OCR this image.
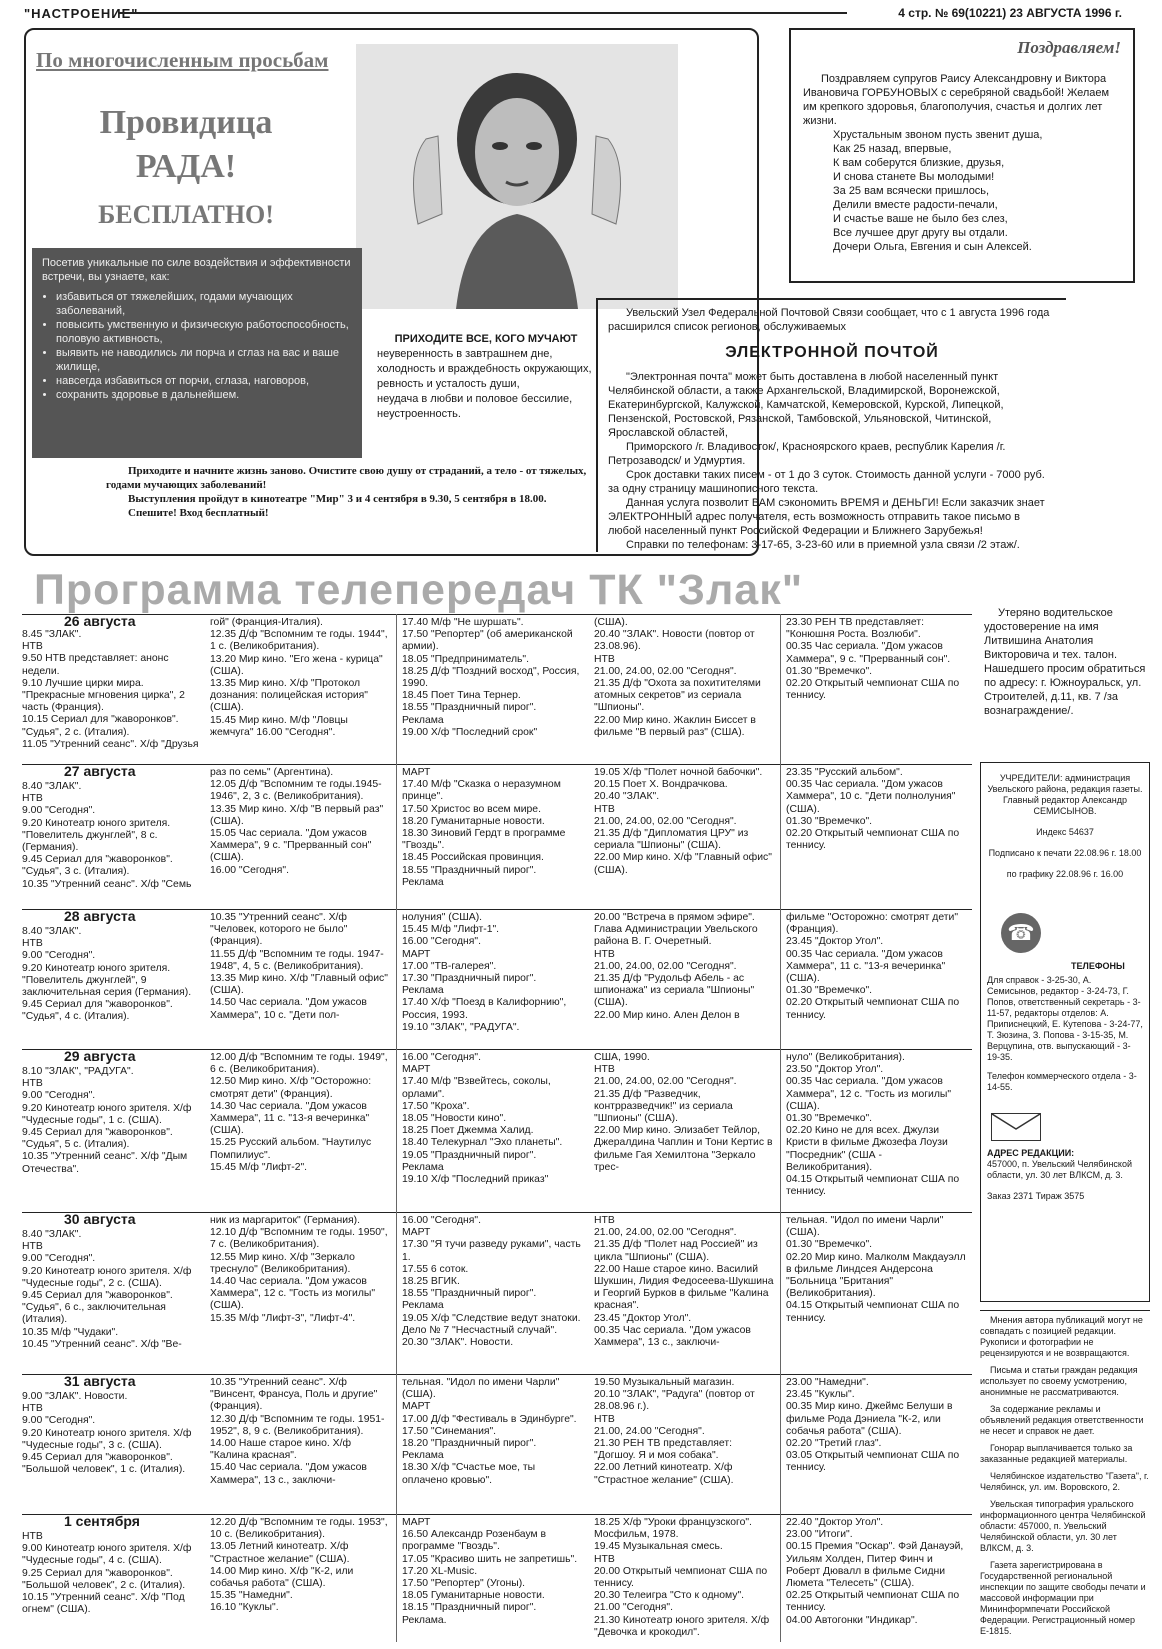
"НАСТРОЕНИЕ"	4 стр. № 69(10221) 23 АВГУСТА 1996 г.
По многочисленным просьбам
Провидица
РАДА!
БЕСПЛАТНО!
Посетив уникальные по силе воздействия и эффективности встречи, вы узнаете, как:
• избавиться от тяжелейших, годами мучающих заболеваний,
• повысить умственную и физическую работоспособность, половую активность,
• выявить не наводились ли порча и сглаз на вас и ваше жилище,
• навсегда избавиться от порчи, сглаза, наговоров,
• сохранить здоровье в дальнейшем.
ПРИХОДИТЕ ВСЕ, КОГО МУЧАЮТ
неуверенность в завтрашнем дне,
холодность и враждебность окружающих,
ревность и усталость души,
неудача в любви и половое бессилие,
неустроенность.
Приходите и начните жизнь заново. Очистите свою душу от страданий, а тело - от тяжелых, годами мучающих заболеваний!
Выступления пройдут в кинотеатре "Мир" 3 и 4 сентября в 9.30, 5 сентября в 18.00.
Спешите! Вход бесплатный!
Поздравляем!
Поздравляем супругов Раису Александровну и Виктора Ивановича ГОРБУНОВЫХ с серебряной свадьбой! Желаем им крепкого здоровья, благополучия, счастья и долгих лет жизни.
Хрустальным звоном пусть звенит душа,
Как 25 назад, впервые,
К вам соберутся близкие, друзья,
И снова станете Вы молодыми!
За 25 вам всячески пришлось,
Делили вместе радости-печали,
И счастье ваше не было без слез,
Все лучшее друг другу вы отдали.
Дочери Ольга, Евгения и сын Алексей.

Увельский Узел Федеральной Почтовой Связи сообщает, что с 1 августа 1996 года расширился список регионов, обслуживаемых

ЭЛЕКТРОННОЙ ПОЧТОЙ

"Электронная почта" может быть доставлена в любой населенный пункт Челябинской области, а также Архангельской, Владимирской, Воронежской, Екатеринбургской, Калужской, Камчатской, Кемеровской, Курской, Липецкой, Пензенской, Ростовской, Рязанской, Тамбовской, Ульяновской, Читинской, Ярославской областей,

Приморского /г. Владивосток/, Красноярского краев, республик Карелия /г. Петрозаводск/ и Удмуртия.

Срок доставки таких писем - от 1 до 3 суток. Стоимость данной услуги - 7000 руб. за одну страницу машинописного текста.

Данная услуга позволит ВАМ сэкономить ВРЕМЯ и ДЕНЬГИ! Если заказчик знает ЭЛЕКТРОННЫЙ адрес получателя, есть возможность отправить такое письмо в любой населенный пункт Российской Федерации и Ближнего Зарубежья!

Справки по телефонам: 3-17-65, 3-23-60 или в приемной узла связи /2 этаж/.

Программа телепередач ТК "Злак"
26 августа
8.45 "ЗЛАК".
НТВ
9.50 НТВ представляет: анонс недели.
9.10 Лучшие цирки мира. "Прекрасные мгновения цирка", 2 часть (Франция).
10.15 Сериал для "жаворонков". "Судья", 2 с. (Италия).
11.05 "Утренний сеанс". Х/ф "Друзья
гой" (Франция-Италия).
12.35 Д/ф "Вспомним те годы. 1944", 1 с. (Великобритания).
13.20 Мир кино. "Его жена - курица" (США).
13.35 Мир кино. Х/ф "Протокол дознания: полицейская история" (США).
15.45 Мир кино. М/ф "Ловцы жемчуга" 16.00 "Сегодня".
17.40 М/ф "Не шуршать".
17.50 "Репортер" (об американской армии).
18.05 "Предприниматель".
18.25 Д/ф "Поздний восход", Россия, 1990.
18.45 Поет Тина Тернер.
18.55 "Праздничный пирог".
Реклама
19.00 Х/ф "Последний срок"
(США).
20.40 "ЗЛАК". Новости (повтор от 23.08.96).
НТВ
21.00, 24.00, 02.00 "Сегодня".
21.35 Д/ф "Охота за похитителями атомных секретов" из сериала "Шпионы".
22.00 Мир кино. Жаклин Биссет в фильме "В первый раз" (США).
23.30 РЕН ТВ представляет: "Конюшня Роста. Возлюби".
00.35 Час сериала. "Дом ужасов Хаммера", 9 с. "Прерванный сон".
01.30 "Времечко".
02.20 Открытый чемпионат США по теннису.
27 августа
8.40 "ЗЛАК".
НТВ
9.00 "Сегодня".
9.20 Кинотеатр юного зрителя. "Повелитель джунглей", 8 с. (Германия).
9.45 Сериал для "жаворонков". "Судья", 3 с. (Италия).
10.35 "Утренний сеанс". Х/ф "Семь
раз по семь" (Аргентина).
12.05 Д/ф "Вспомним те годы.1945-1946", 2, 3 с. (Великобритания).
13.35 Мир кино. Х/ф "В первый раз" (США).
15.05 Час сериала. "Дом ужасов Хаммера", 9 с. "Прерванный сон" (США).
16.00 "Сегодня".
МАРТ
17.40 М/ф "Сказка о неразумном принце".
17.50 Христос во всем мире.
18.20 Гуманитарные новости.
18.30 Зиновий Гердт в программе "Гвоздь".
18.45 Российская провинция.
18.55 "Праздничный пирог".
Реклама
19.05 Х/ф "Полет ночной бабочки".
20.15 Поет Х. Вондрачкова.
20.40 "ЗЛАК".
НТВ
21.00, 24.00, 02.00 "Сегодня".
21.35 Д/ф "Дипломатия ЦРУ" из сериала "Шпионы" (США).
22.00 Мир кино. Х/ф "Главный офис" (США).
23.35 "Русский альбом".
00.35 Час сериала. "Дом ужасов Хаммера", 10 с. "Дети полнолуния" (США).
01.30 "Времечко".
02.20 Открытый чемпионат США по теннису.
28 августа
8.40 "ЗЛАК".
НТВ
9.00 "Сегодня".
9.20 Кинотеатр юного зрителя. "Повелитель джунглей", 9 заключительная серия (Германия).
9.45 Сериал для "жаворонков". "Судья", 4 с. (Италия).
10.35 "Утренний сеанс". Х/ф "Человек, которого не было" (Франция).
11.55 Д/ф "Вспомним те годы. 1947-1948", 4, 5 с. (Великобритания).
13.35 Мир кино. Х/ф "Главный офис" (США).
14.50 Час сериала. "Дом ужасов Хаммера", 10 с. "Дети пол-
нолуния" (США).
15.45 М/ф "Лифт-1".
16.00 "Сегодня".
МАРТ
17.00 "ТВ-галерея".
17.30 "Праздничный пирог".
Реклама
17.40 Х/ф "Поезд в Калифорнию", Россия, 1993.
19.10 "ЗЛАК", "РАДУГА".
20.00 "Встреча в прямом эфире". Глава Администрации Увельского района В. Г. Очеретный.
НТВ
21.00, 24.00, 02.00 "Сегодня".
21.35 Д/ф "Рудольф Абель - ас шпионажа" из сериала "Шпионы" (США).
22.00 Мир кино. Ален Делон в
фильме "Осторожно: смотрят дети" (Франция).
23.45 "Доктор Угол".
00.35 Час сериала. "Дом ужасов Хаммера", 11 с. "13-я вечеринка" (США).
01.30 "Времечко".
02.20 Открытый чемпионат США по теннису.
29 августа
8.10 "ЗЛАК", "РАДУГА".
НТВ
9.00 "Сегодня".
9.20 Кинотеатр юного зрителя. Х/ф "Чудесные годы", 1 с. (США).
9.45 Сериал для "жаворонков". "Судья", 5 с. (Италия).
10.35 "Утренний сеанс". Х/ф "Дым Отечества".
12.00 Д/ф "Вспомним те годы. 1949", 6 с. (Великобритания).
12.50 Мир кино. Х/ф "Осторожно: смотрят дети" (Франция).
14.30 Час сериала. "Дом ужасов Хаммера", 11 с. "13-я вечеринка" (США).
15.25 Русский альбом. "Наутилус Помпилиус".
15.45 М/ф "Лифт-2".
16.00 "Сегодня".
МАРТ
17.40 М/ф "Взвейтесь, соколы, орлами".
17.50 "Кроха".
18.05 "Новости кино".
18.25 Поет Джемма Халид.
18.40 Телекурнал "Эхо планеты".
19.05 "Праздничный пирог".
Реклама
19.10 Х/ф "Последний приказ"
США, 1990.
НТВ
21.00, 24.00, 02.00 "Сегодня".
21.35 Д/ф "Разведчик, контрразведчик!" из сериала "Шпионы" (США).
22.00 Мир кино. Элизабет Тейлор, Джералдина Чаплин и Тони Кертис в фильме Гая Хемилтона "Зеркало трес-
нуло" (Великобритания).
23.50 "Доктор Угол".
00.35 Час сериала. "Дом ужасов Хаммера", 12 с. "Гость из могилы" (США).
01.30 "Времечко".
02.20 Кино не для всех. Джулзи Кристи в фильме Джозефа Лоузи "Посредник" (США - Великобритания).
04.15 Открытый чемпионат США по теннису.
30 августа
8.40 "ЗЛАК".
НТВ
9.00 "Сегодня".
9.20 Кинотеатр юного зрителя. Х/ф "Чудесные годы", 2 с. (США).
9.45 Сериал для "жаворонков". "Судья", 6 с., заключительная (Италия).
10.35 М/ф "Чудаки".
10.45 "Утренний сеанс". Х/ф "Ве-
ник из маргариток" (Германия).
12.10 Д/ф "Вспомним те годы. 1950", 7 с. (Великобритания).
12.55 Мир кино. Х/ф "Зеркало треснуло" (Великобритания).
14.40 Час сериала. "Дом ужасов Хаммера", 12 с. "Гость из могилы" (США).
15.35 М/ф "Лифт-3", "Лифт-4".
16.00 "Сегодня".
МАРТ
17.30 "Я тучи разведу руками", часть 1.
17.55 6 соток.
18.25 ВГИК.
18.55 "Праздничный пирог".
Реклама
19.05 Х/ф "Следствие ведут знатоки. Дело № 7 "Несчастный случай".
20.30 "ЗЛАК". Новости.
НТВ
21.00, 24.00, 02.00 "Сегодня".
21.35 Д/ф "Полет над Россией" из цикла "Шпионы" (США).
22.00 Наше старое кино. Василий Шукшин, Лидия Федосеева-Шукшина и Георгий Бурков в фильме "Калина красная".
23.45 "Доктор Угол".
00.35 Час сериала. "Дом ужасов Хаммера", 13 с., заключи-
тельная. "Идол по имени Чарли" (США).
01.30 "Времечко".
02.20 Мир кино. Малколм Макдауэлл в фильме Линдсея Андерсона "Больница "Британия" (Великобритания).
04.15 Открытый чемпионат США по теннису.
31 августа
9.00 "ЗЛАК". Новости.
НТВ
9.00 "Сегодня".
9.20 Кинотеатр юного зрителя. Х/ф "Чудесные годы", 3 с. (США).
9.45 Сериал для "жаворонков". "Большой человек", 1 с. (Италия).
10.35 "Утренний сеанс". Х/ф "Винсент, Франсуа, Поль и другие" (Франция).
12.30 Д/ф "Вспомним те годы. 1951-1952", 8, 9 с. (Великобритания).
14.00 Наше старое кино. Х/ф "Калина красная".
15.40 Час сериала. "Дом ужасов Хаммера", 13 с., заключи-
тельная. "Идол по имени Чарли" (США).
МАРТ
17.00 Д/ф "Фестиваль в Эдинбурге".
17.50 "Синемания".
18.20 "Праздничный пирог".
Реклама
18.30 Х/ф "Счастье мое, ты оплачено кровью".
19.50 Музыкальный магазин.
20.10 "ЗЛАК", "Радуга" (повтор от 28.08.96 г.).
НТВ
21.00, 24.00 "Сегодня".
21.30 РЕН ТВ представляет: "Догшоу. Я и моя собака".
22.00 Летний кинотеатр. Х/ф "Страстное желание" (США).
23.00 "Намедни".
23.45 "Куклы".
00.35 Мир кино. Джеймс Белуши в фильме Рода Дэниела "К-2, или собачья работа" (США).
02.20 "Третий глаз".
03.05 Открытый чемпионат США по теннису.
1 сентября
НТВ
9.00 Кинотеатр юного зрителя. Х/ф "Чудесные годы", 4 с. (США).
9.25 Сериал для "жаворонков". "Большой человек", 2 с. (Италия).
10.15 "Утренний сеанс". Х/ф "Под огнем" (США).
12.20 Д/ф "Вспомним те годы. 1953", 10 с. (Великобритания).
13.05 Летний кинотеатр. Х/ф "Страстное желание" (США).
14.00 Мир кино. Х/ф "К-2, или собачья работа" (США).
15.35 "Намедни".
16.10 "Куклы".
МАРТ
16.50 Александр Розенбаум в программе "Гвоздь".
17.05 "Красиво шить не запретишь".
17.20 XL-Music.
17.50 "Репортер" (Угоны).
18.05 Гуманитарные новости.
18.15 "Праздничный пирог".
Реклама.
18.25 Х/ф "Уроки французского". Мосфильм, 1978.
19.45 Музыкальная смесь.
НТВ
20.00 Открытый чемпионат США по теннису.
20.30 Телеигра "Сто к одному".
21.00 "Сегодня".
21.30 Кинотеатр юного зрителя. Х/ф "Девочка и крокодил".
22.40 "Доктор Угол".
23.00 "Итоги".
00.15 Премия "Оскар". Фэй Данауэй, Уильям Холден, Питер Финч и Роберт Дювалл в фильме Сидни Люмета "Телесеть" (США).
02.25 Открытый чемпионат США по теннису.
04.00 Автогонки "Индикар".
Утеряно водительское удостоверение на имя Литвишина Анатолия Викторовича и тех. талон. Нашедшего просим обратиться по адресу: г. Южноуральск, ул. Строителей, д.11, кв. 7 /за вознаграждение/.
УЧРЕДИТЕЛИ: администрация Увельского района, редакция газеты. Главный редактор Александр СЕМИСЫНОВ.
Индекс 54637
Подписано к печати 22.08.96 г. 18.00
по графику 22.08.96 г. 16.00
☎
ТЕЛЕФОНЫ
Для справок - 3-25-30, А. Семисынов, редактор - 3-24-73, Г. Попов, ответственный секретарь - 3-11-57, редакторы отделов: А. Приписнецкий, Е. Кутепова - 3-24-77, Т. Зюзина, З. Попова - 3-15-35, М. Верцупина, отв. выпускающий - 3-19-35.
Телефон коммерческого отдела - 3-14-55.
АДРЕС РЕДАКЦИИ:
457000, п. Увельский Челябинской области, ул. 30 лет ВЛКСМ, д. 3.
Заказ 2371 Тираж 3575

Мнения автора публикаций могут не совпадать с позицией редакции. Рукописи и фотографии не рецензируются и не возвращаются.

Письма и статьи граждан редакция использует по своему усмотрению, анонимные не рассматриваются.

За содержание рекламы и объявлений редакция ответственности не несет и справок не дает.

Гонорар выплачивается только за заказанные редакцией материалы.

Челябинское издательство "Газета", г. Челябинск, ул. им. Воровского, 2.

Увельская типография уральского информационного центра Челябинской области: 457000, п. Увельский Челябинской области, ул. 30 лет ВЛКСМ, д. 3.

Газета зарегистрирована в Государственной региональной инспекции по защите свободы печати и массовой информации при Мининформпечати Российской Федерации. Регистрационный номер Е-1815.
